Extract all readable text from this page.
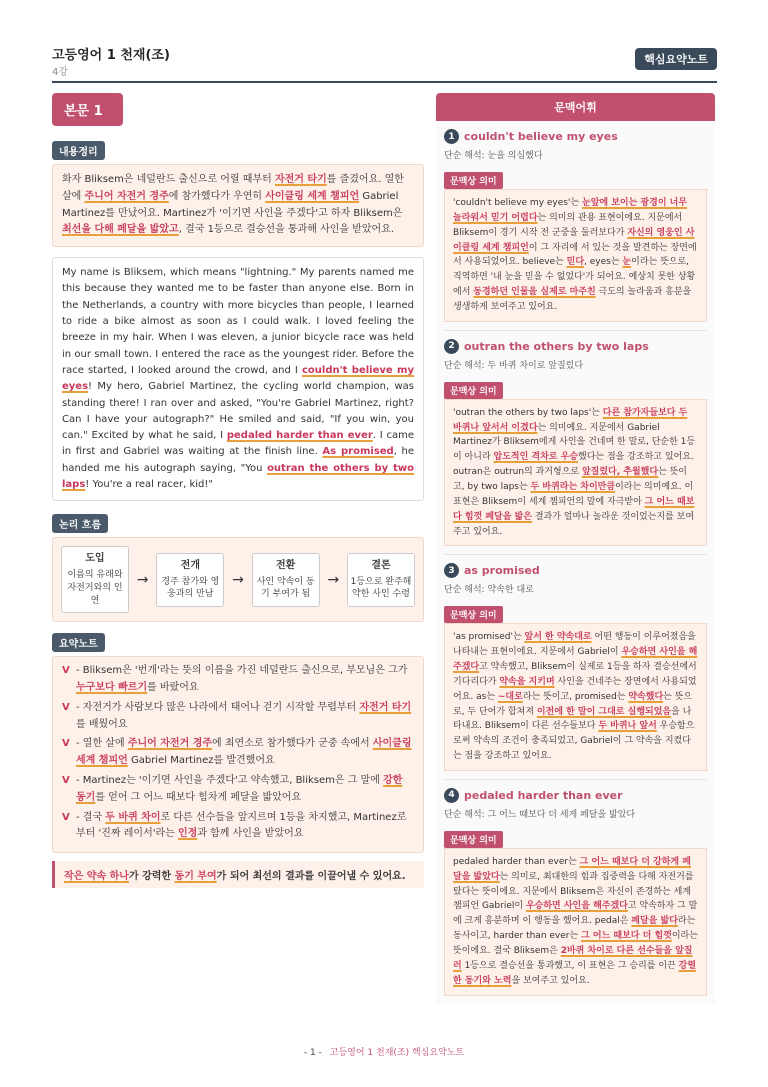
고등영어 1 천재(조)
4강
핵심요약노트
본문 1
내용정리
화자 Bliksem은 네덜란드 출신으로 어릴 때부터 자전거 타기를 즐겼어요. 열한 살에 주니어 자전거 경주에 참가했다가 우연히 사이클링 세계 챔피언 Gabriel Martinez를 만났어요. Martinez가 '이기면 사인을 주겠다'고 하자 Bliksem은 최선을 다해 페달을 밟았고, 결국 1등으로 결승선을 통과해 사인을 받았어요.
My name is Bliksem, which means "lightning." My parents named me this because they wanted me to be faster than anyone else. Born in the Netherlands, a country with more bicycles than people, I learned to ride a bike almost as soon as I could walk. I loved feeling the breeze in my hair. When I was eleven, a junior bicycle race was held in our small town. I entered the race as the youngest rider. Before the race started, I looked around the crowd, and I couldn't believe my eyes! My hero, Gabriel Martinez, the cycling world champion, was standing there! I ran over and asked, "You're Gabriel Martinez, right? Can I have your autograph?" He smiled and said, "If you win, you can." Excited by what he said, I pedaled harder than ever. I came in first and Gabriel was waiting at the finish line. As promised, he handed me his autograph saying, "You outran the others by two laps! You're a real racer, kid!"
논리 흐름
도입
이름의 유래와 자전거와의 인연
→
전개
경주 참가와 영웅과의 만남
→
전환
사인 약속이 동기 부여가 됨
→
결론
1등으로 완주해 약한 사인 수령
요약노트
V - Bliksem은 '번개'라는 뜻의 이름을 가진 네덜란드 출신으로, 부모님은 그가 누구보다 빠르기를 바랐어요
V - 자전거가 사람보다 많은 나라에서 태어나 걷기 시작할 무렵부터 자전거 타기를 배웠어요
V - 열한 살에 주니어 자전거 경주에 최연소로 참가했다가 군중 속에서 사이클링 세계 챔피언 Gabriel Martinez를 발견했어요
V - Martinez는 '이기면 사인을 주겠다'고 약속했고, Bliksem은 그 말에 강한 동기를 얻어 그 어느 때보다 힘차게 페달을 밟았어요
V - 결국 두 바퀴 차이로 다른 선수들을 앞지르며 1등을 차지했고, Martinez로부터 '진짜 레이서'라는 인정과 함께 사인을 받았어요
작은 약속 하나가 강력한 동기 부여가 되어 최선의 결과를 이끌어낼 수 있어요.
문맥어휘
1 couldn't believe my eyes
단순 해석: 눈을 의심했다
문맥상 의미
'couldn't believe my eyes'는 눈앞에 보이는 광경이 너무 놀라워서 믿기 어렵다는 의미의 관용 표현이에요. 지문에서 Bliksem이 경기 시작 전 군중을 둘러보다가 자신의 영웅인 사이클링 세계 챔피언이 그 자리에 서 있는 것을 발견하는 장면에서 사용되었어요. believe는 믿다, eyes는 눈이라는 뜻으로, 직역하면 '내 눈을 믿을 수 없었다'가 되어요. 예상치 못한 상황에서 동경하던 인물을 실제로 마주친 극도의 놀라움과 흥분을 생생하게 보여주고 있어요.
2 outran the others by two laps
단순 해석: 두 바퀴 차이로 앞질렀다
문맥상 의미
'outran the others by two laps'는 다른 참가자들보다 두 바퀴나 앞서서 이겼다는 의미예요. 지문에서 Gabriel Martinez가 Bliksem에게 사인을 건네며 한 말로, 단순한 1등이 아니라 압도적인 격차로 우승했다는 점을 강조하고 있어요. outran은 outrun의 과거형으로 앞질렀다, 추월했다는 뜻이고, by two laps는 두 바퀴라는 차이만큼이라는 의미예요. 이 표현은 Bliksem이 세계 챔피언의 말에 자극받아 그 어느 때보다 힘껏 페달을 밟은 결과가 얼마나 놀라운 것이었는지를 보여주고 있어요.
3 as promised
단순 해석: 약속한 대로
문맥상 의미
'as promised'는 앞서 한 약속대로 어떤 행동이 이루어졌음을 나타내는 표현이에요. 지문에서 Gabriel이 우승하면 사인을 해주겠다고 약속했고, Bliksem이 실제로 1등을 하자 결승선에서 기다리다가 약속을 지키며 사인을 건네주는 장면에서 사용되었어요. as는 ~대로라는 뜻이고, promised는 약속했다는 뜻으로, 두 단어가 합쳐져 이전에 한 말이 그대로 실행되었음을 나타내요. Bliksem이 다른 선수들보다 두 바퀴나 앞서 우승함으로써 약속의 조건이 충족되었고, Gabriel이 그 약속을 지켰다는 점을 강조하고 있어요.
4 pedaled harder than ever
단순 해석: 그 어느 때보다 더 세게 페달을 밟았다
문맥상 의미
pedaled harder than ever는 그 어느 때보다 더 강하게 페달을 밟았다는 의미로, 최대한의 힘과 집중력을 다해 자전거를 탔다는 뜻이에요. 지문에서 Bliksem은 자신이 존경하는 세계 챔피언 Gabriel이 우승하면 사인을 해주겠다고 약속하자 그 말에 크게 흥분하며 이 행동을 했어요. pedal은 페달을 밟다라는 동사이고, harder than ever는 그 어느 때보다 더 힘껏이라는 뜻이에요. 결국 Bliksem은 2바퀴 차이로 다른 선수들을 앞질러 1등으로 결승선을 통과했고, 이 표현은 그 승리를 이끈 강렬한 동기와 노력을 보여주고 있어요.
- 1 - 고등영어 1 천재(조) 핵심요약노트
